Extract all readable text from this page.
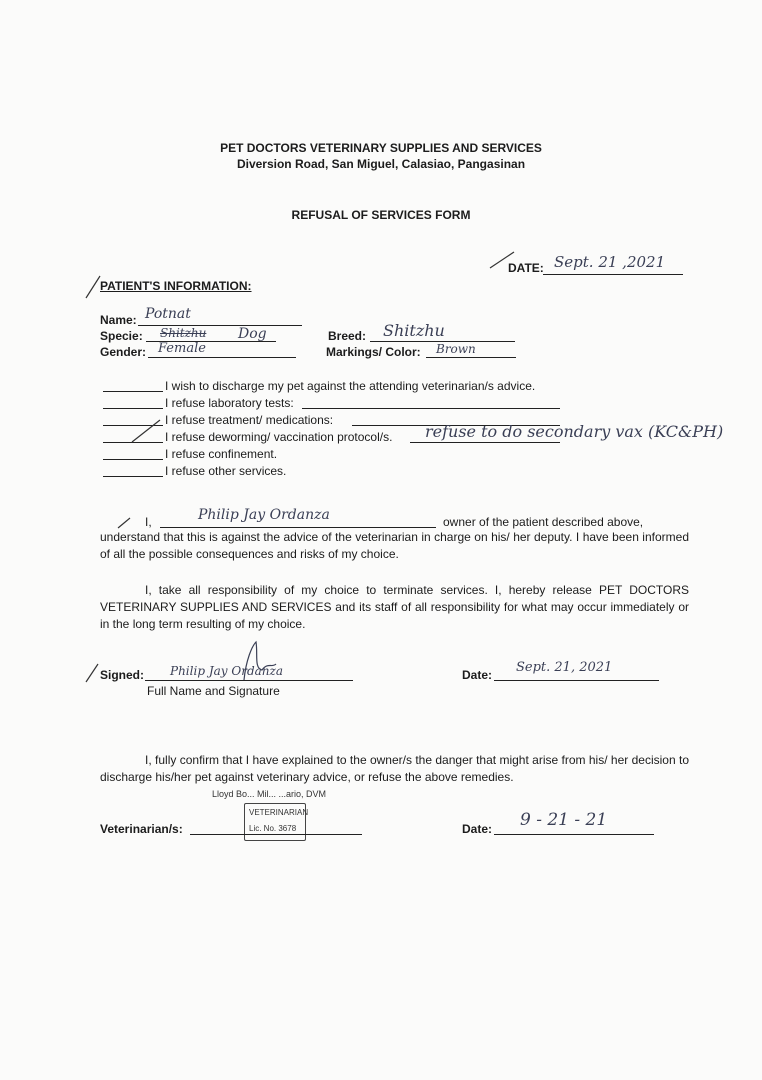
PET DOCTORS VETERINARY SUPPLIES AND SERVICES
Diversion Road, San Miguel, Calasiao, Pangasinan
REFUSAL OF SERVICES FORM
DATE: Sept. 21 ,2021
PATIENT'S INFORMATION:
Name: Potnat
Specie: Shitzhu Dog
Gender: Female
Breed: Shitzhu
Markings/ Color: Brown
I wish to discharge my pet against the attending veterinarian/s advice.
I refuse laboratory tests:
I refuse treatment/ medications:
I refuse deworming/ vaccination protocol/s. refuse to do secondary vax (KC&PH)
I refuse confinement.
I refuse other services.
I,	Philip Jay Ordanza	owner of the patient described above,
understand that this is against the advice of the veterinarian in charge on his/ her deputy. I have been informed of all the possible consequences and risks of my choice.
I, take all responsibility of my choice to terminate services. I, hereby release PET DOCTORS VETERINARY SUPPLIES AND SERVICES and its staff of all responsibility for what may occur immediately or in the long term resulting of my choice.
Signed: Philip Jay Ordanza
Full Name and Signature
Date: Sept. 21, 2021
I, fully confirm that I have explained to the owner/s the danger that might arise from his/ her decision to discharge his/her pet against veterinary advice, or refuse the above remedies.
Lloyd Bo... Mil... ...ario, DVM
VETERINARIAN
Lic. No. 3678
Veterinarian/s:	Date: 9 - 21 - 21
